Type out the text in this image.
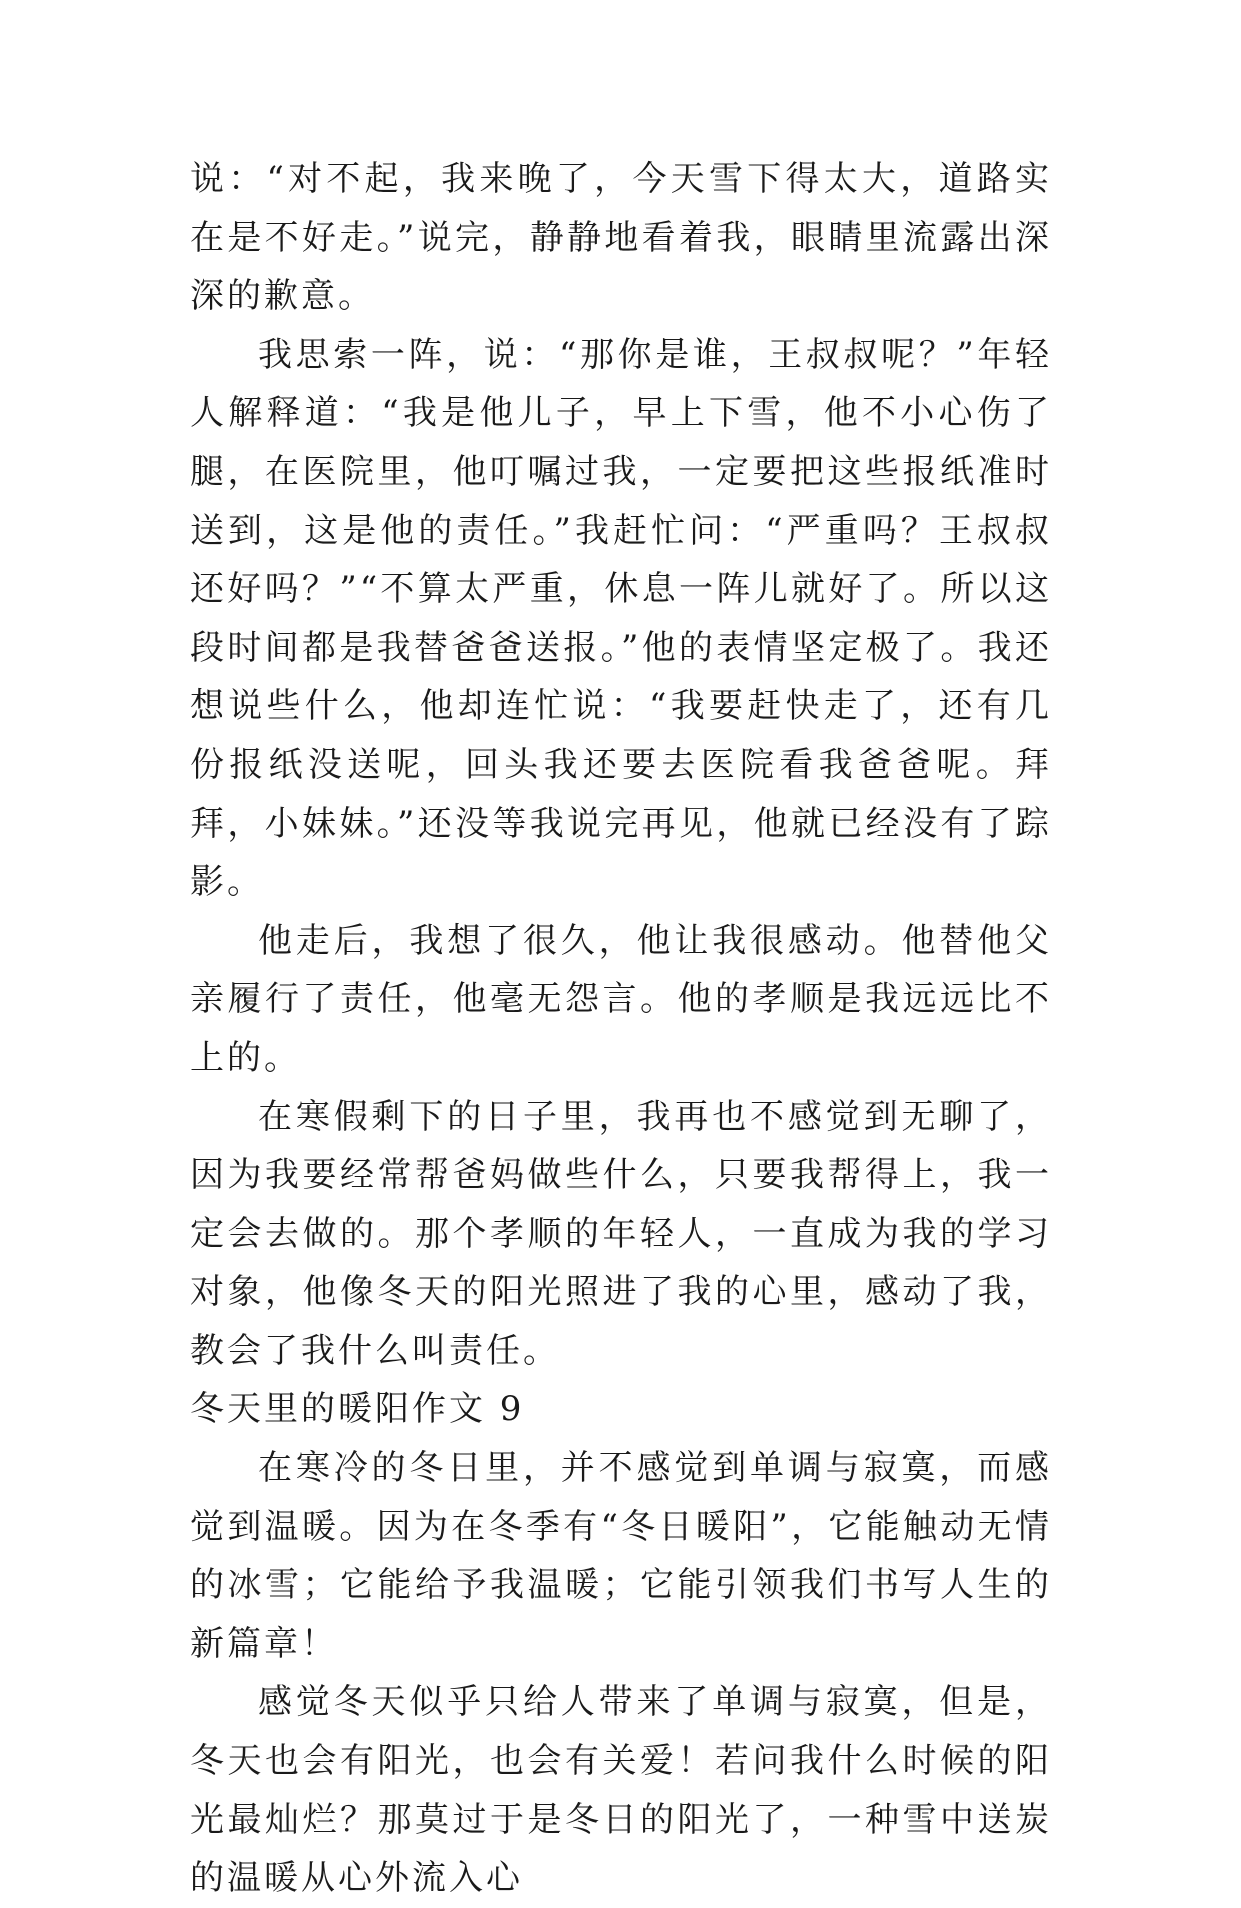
说：“对不起，我来晚了，今天雪下得太大，道路实在是不好走。”说完，静静地看着我，眼睛里流露出深深的歉意。

我思索一阵，说：“那你是谁，王叔叔呢？”年轻人解释道：“我是他儿子，早上下雪，他不小心伤了腿，在医院里，他叮嘱过我，一定要把这些报纸准时送到，这是他的责任。”我赶忙问：“严重吗？王叔叔还好吗？”“不算太严重，休息一阵儿就好了。所以这段时间都是我替爸爸送报。”他的表情坚定极了。我还想说些什么，他却连忙说：“我要赶快走了，还有几份报纸没送呢，回头我还要去医院看我爸爸呢。拜拜，小妹妹。”还没等我说完再见，他就已经没有了踪影。

他走后，我想了很久，他让我很感动。他替他父亲履行了责任，他毫无怨言。他的孝顺是我远远比不上的。

在寒假剩下的日子里，我再也不感觉到无聊了，因为我要经常帮爸妈做些什么，只要我帮得上，我一定会去做的。那个孝顺的年轻人，一直成为我的学习对象，他像冬天的阳光照进了我的心里，感动了我，教会了我什么叫责任。

冬天里的暖阳作文 9

在寒冷的冬日里，并不感觉到单调与寂寞，而感觉到温暖。因为在冬季有“冬日暖阳”，它能触动无情的冰雪；它能给予我温暖；它能引领我们书写人生的新篇章！

感觉冬天似乎只给人带来了单调与寂寞，但是，冬天也会有阳光，也会有关爱！若问我什么时候的阳光最灿烂？那莫过于是冬日的阳光了，一种雪中送炭的温暖从心外流入心
